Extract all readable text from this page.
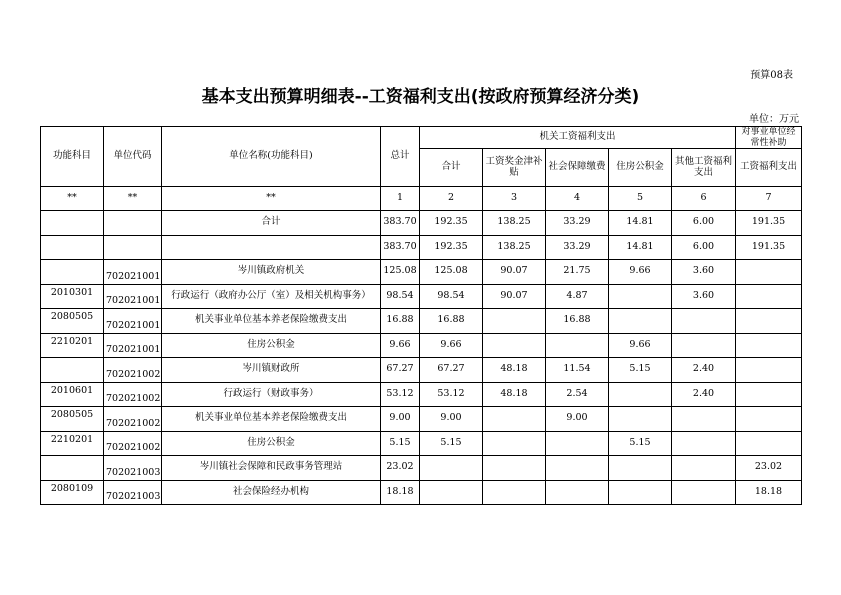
预算08表
基本支出预算明细表--工资福利支出(按政府预算经济分类)
单位：万元
功能科目	单位代码	单位名称(功能科目)	总计	机关工资福利支出					对事业单位经常性补助
				合计	工资奖金津补贴	社会保障缴费	住房公积金	其他工资福利支出	工资福利支出
**	**	**	1	2	3	4	5	6	7
		合计	383.70	192.35	138.25	33.29	14.81	6.00	191.35
			383.70	192.35	138.25	33.29	14.81	6.00	191.35
	702021001	岑川镇政府机关	125.08	125.08	90.07	21.75	9.66	3.60	
2010301	702021001	行政运行（政府办公厅（室）及相关机构事务）	98.54	98.54	90.07	4.87		3.60	
2080505	702021001	机关事业单位基本养老保险缴费支出	16.88	16.88		16.88			
2210201	702021001	住房公积金	9.66	9.66			9.66		
	702021002	岑川镇财政所	67.27	67.27	48.18	11.54	5.15	2.40	
2010601	702021002	行政运行（财政事务）	53.12	53.12	48.18	2.54		2.40	
2080505	702021002	机关事业单位基本养老保险缴费支出	9.00	9.00		9.00			
2210201	702021002	住房公积金	5.15	5.15			5.15		
	702021003	岑川镇社会保障和民政事务管理站	23.02						23.02
2080109	702021003	社会保险经办机构	18.18						18.18
